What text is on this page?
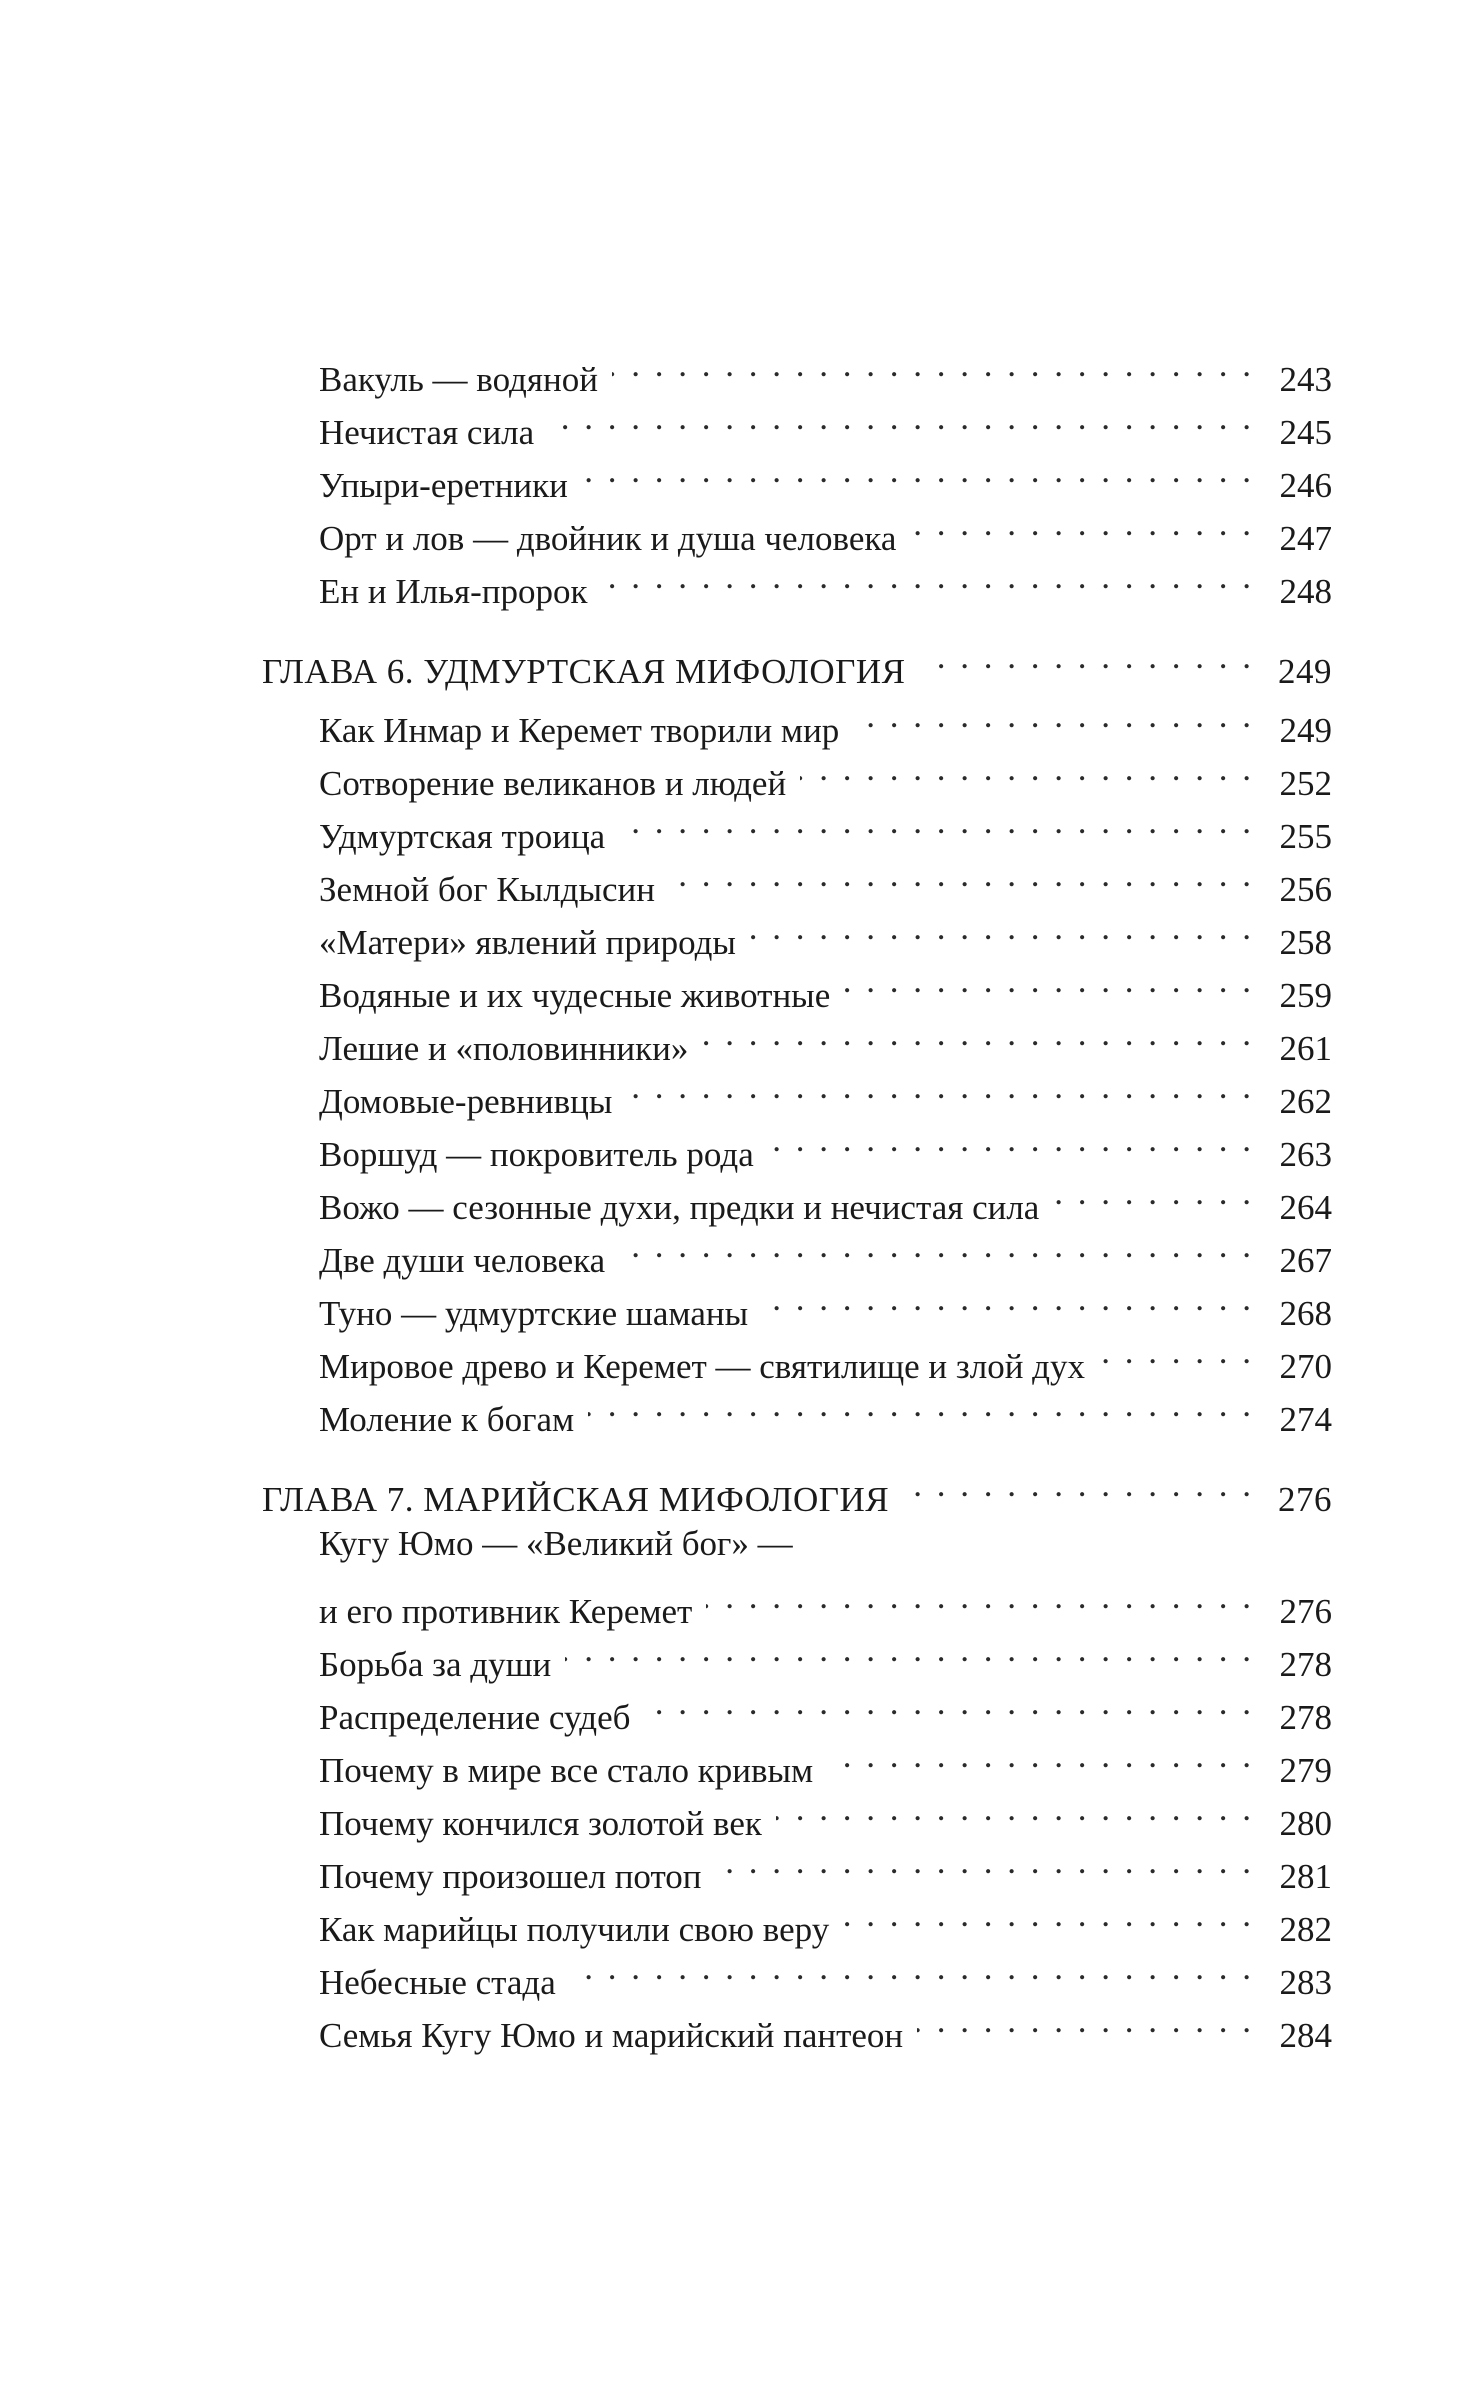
Вакуль — водяной . . .	243
Нечистая сила . . .	245
Упыри-еретники . . .	246
Орт и лов — двойник и душа человека . . .	247
Ен и Илья-пророк . . .	248
ГЛАВА 6. УДМУРТСКАЯ МИФОЛОГИЯ . . .	249
Как Инмар и Керемет творили мир . . .	249
Сотворение великанов и людей . . .	252
Удмуртская троица . . .	255
Земной бог Кылдысин . . .	256
«Матери» явлений природы . . .	258
Водяные и их чудесные животные . . .	259
Лешие и «половинники» . . .	261
Домовые-ревнивцы . . .	262
Воршуд — покровитель рода . . .	263
Вожо — сезонные духи, предки и нечистая сила . . .	264
Две души человека . . .	267
Туно — удмуртские шаманы . . .	268
Мировое древо и Керемет — святилище и злой дух . . .	270
Моление к богам . . .	274
ГЛАВА 7. МАРИЙСКАЯ МИФОЛОГИЯ . . .	276
Кугу Юмо — «Великий бог» —
и его противник Керемет . . .	276
Борьба за души . . .	278
Распределение судеб . . .	278
Почему в мире все стало кривым . . .	279
Почему кончился золотой век . . .	280
Почему произошел потоп . . .	281
Как марийцы получили свою веру . . .	282
Небесные стада . . .	283
Семья Кугу Юмо и марийский пантеон . . .	284
